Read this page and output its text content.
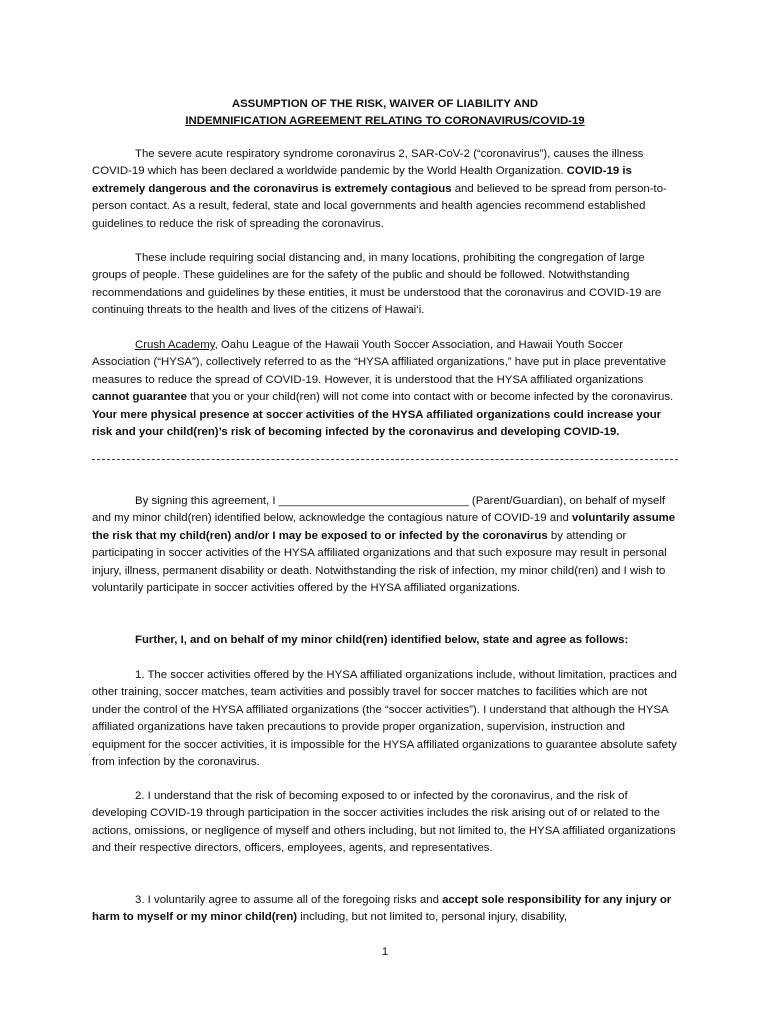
ASSUMPTION OF THE RISK, WAIVER OF LIABILITY AND
INDEMNIFICATION AGREEMENT RELATING TO CORONAVIRUS/COVID-19

The severe acute respiratory syndrome coronavirus 2, SAR-CoV-2 (“coronavirus”), causes the illness COVID-19 which has been declared a worldwide pandemic by the World Health Organization. COVID-19 is extremely dangerous and the coronavirus is extremely contagious and believed to be spread from person-to-person contact. As a result, federal, state and local governments and health agencies recommend established guidelines to reduce the risk of spreading the coronavirus.

These include requiring social distancing and, in many locations, prohibiting the congregation of large groups of people. These guidelines are for the safety of the public and should be followed. Notwithstanding recommendations and guidelines by these entities, it must be understood that the coronavirus and COVID-19 are continuing threats to the health and lives of the citizens of Hawai‘i.

Crush Academy, Oahu League of the Hawaii Youth Soccer Association, and Hawaii Youth Soccer Association (“HYSA”), collectively referred to as the “HYSA affiliated organizations,” have put in place preventative measures to reduce the spread of COVID-19. However, it is understood that the HYSA affiliated organizations cannot guarantee that you or your child(ren) will not come into contact with or become infected by the coronavirus. Your mere physical presence at soccer activities of the HYSA affiliated organizations could increase your risk and your child(ren)’s risk of becoming infected by the coronavirus and developing COVID-19.

By signing this agreement, I ______________________________ (Parent/Guardian), on behalf of myself and my minor child(ren) identified below, acknowledge the contagious nature of COVID-19 and voluntarily assume the risk that my child(ren) and/or I may be exposed to or infected by the coronavirus by attending or participating in soccer activities of the HYSA affiliated organizations and that such exposure may result in personal injury, illness, permanent disability or death. Notwithstanding the risk of infection, my minor child(ren) and I wish to voluntarily participate in soccer activities offered by the HYSA affiliated organizations.

Further, I, and on behalf of my minor child(ren) identified below, state and agree as follows:

1. The soccer activities offered by the HYSA affiliated organizations include, without limitation, practices and other training, soccer matches, team activities and possibly travel for soccer matches to facilities which are not under the control of the HYSA affiliated organizations (the “soccer activities”). I understand that although the HYSA affiliated organizations have taken precautions to provide proper organization, supervision, instruction and equipment for the soccer activities, it is impossible for the HYSA affiliated organizations to guarantee absolute safety from infection by the coronavirus.

2. I understand that the risk of becoming exposed to or infected by the coronavirus, and the risk of developing COVID-19 through participation in the soccer activities includes the risk arising out of or related to the actions, omissions, or negligence of myself and others including, but not limited to, the HYSA affiliated organizations and their respective directors, officers, employees, agents, and representatives.

3. I voluntarily agree to assume all of the foregoing risks and accept sole responsibility for any injury or harm to myself or my minor child(ren) including, but not limited to, personal injury, disability,

1
